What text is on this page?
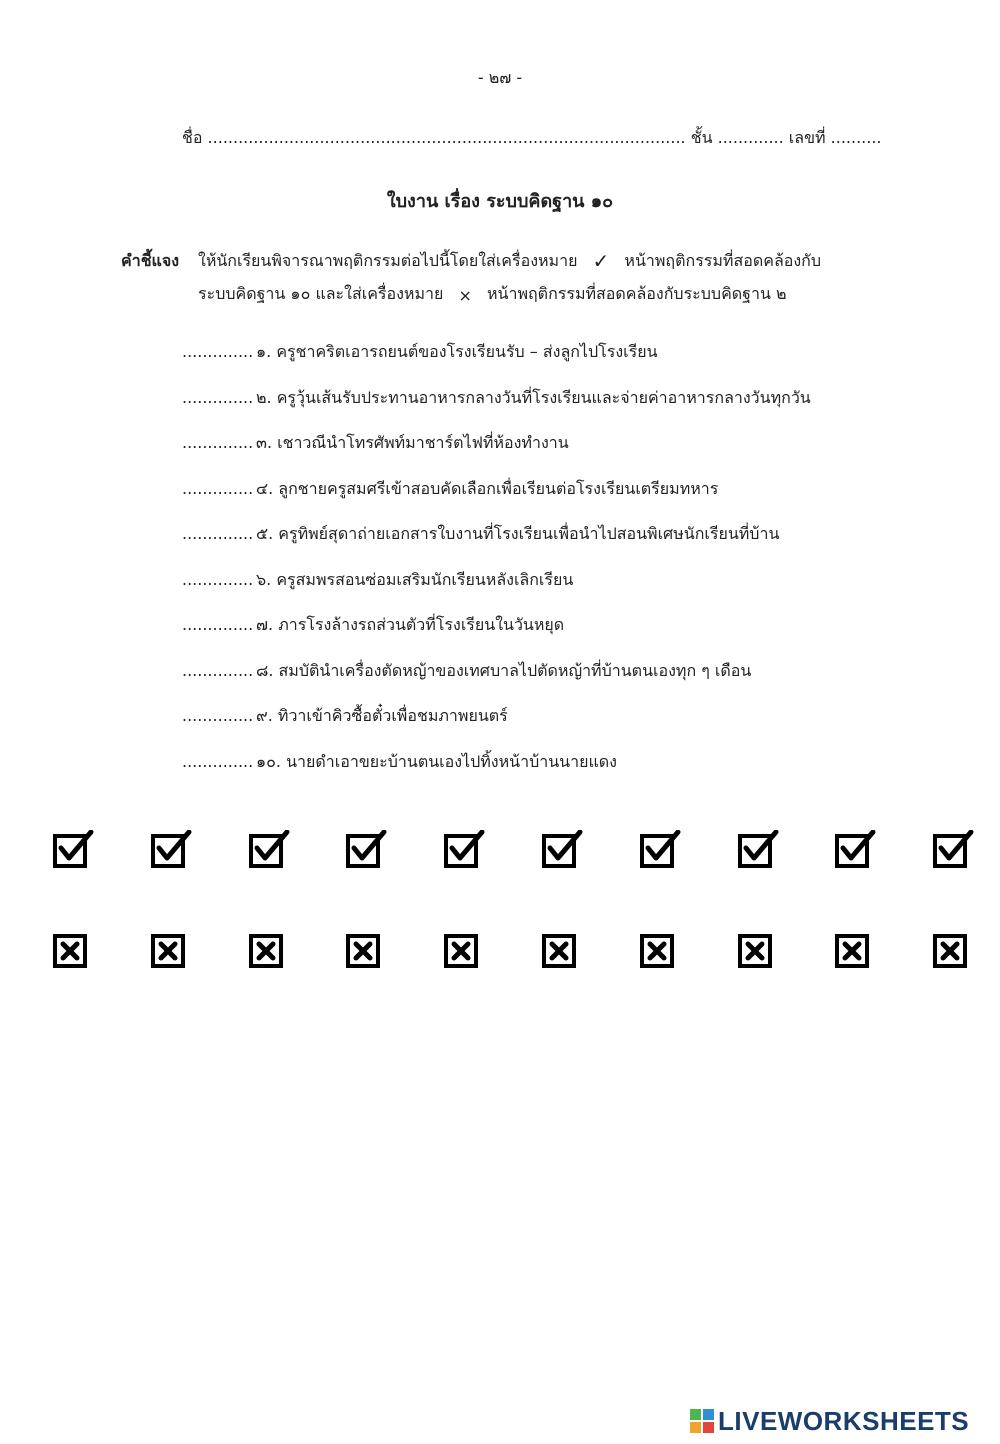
- ๒๗ -
ชื่อ .............................................................................................. ชั้น ............. เลขที่ ..........
ใบงาน เรื่อง ระบบคิดฐาน ๑๐
คำชี้แจง ให้นักเรียนพิจารณาพฤติกรรมต่อไปนี้โดยใส่เครื่องหมาย ✓ หน้าพฤติกรรมที่สอดคล้องกับ
ระบบคิดฐาน ๑๐ และใส่เครื่องหมาย × หน้าพฤติกรรมที่สอดคล้องกับระบบคิดฐาน ๒
.............. ๑. ครูชาคริตเอารถยนต์ของโรงเรียนรับ – ส่งลูกไปโรงเรียน
.............. ๒. ครูวุ้นเส้นรับประทานอาหารกลางวันที่โรงเรียนและจ่ายค่าอาหารกลางวันทุกวัน
.............. ๓. เชาวณีนำโทรศัพท์มาชาร์ตไฟที่ห้องทำงาน
.............. ๔. ลูกชายครูสมศรีเข้าสอบคัดเลือกเพื่อเรียนต่อโรงเรียนเตรียมทหาร
.............. ๕. ครูทิพย์สุดาถ่ายเอกสารใบงานที่โรงเรียนเพื่อนำไปสอนพิเศษนักเรียนที่บ้าน
.............. ๖. ครูสมพรสอนซ่อมเสริมนักเรียนหลังเลิกเรียน
.............. ๗. ภารโรงล้างรถส่วนตัวที่โรงเรียนในวันหยุด
.............. ๘. สมบัตินำเครื่องตัดหญ้าของเทศบาลไปตัดหญ้าที่บ้านตนเองทุก ๆ เดือน
.............. ๙. ทิวาเข้าคิวซื้อตั๋วเพื่อชมภาพยนตร์
.............. ๑๐. นายดำเอาขยะบ้านตนเองไปทิ้งหน้าบ้านนายแดง
LIVEWORKSHEETS
